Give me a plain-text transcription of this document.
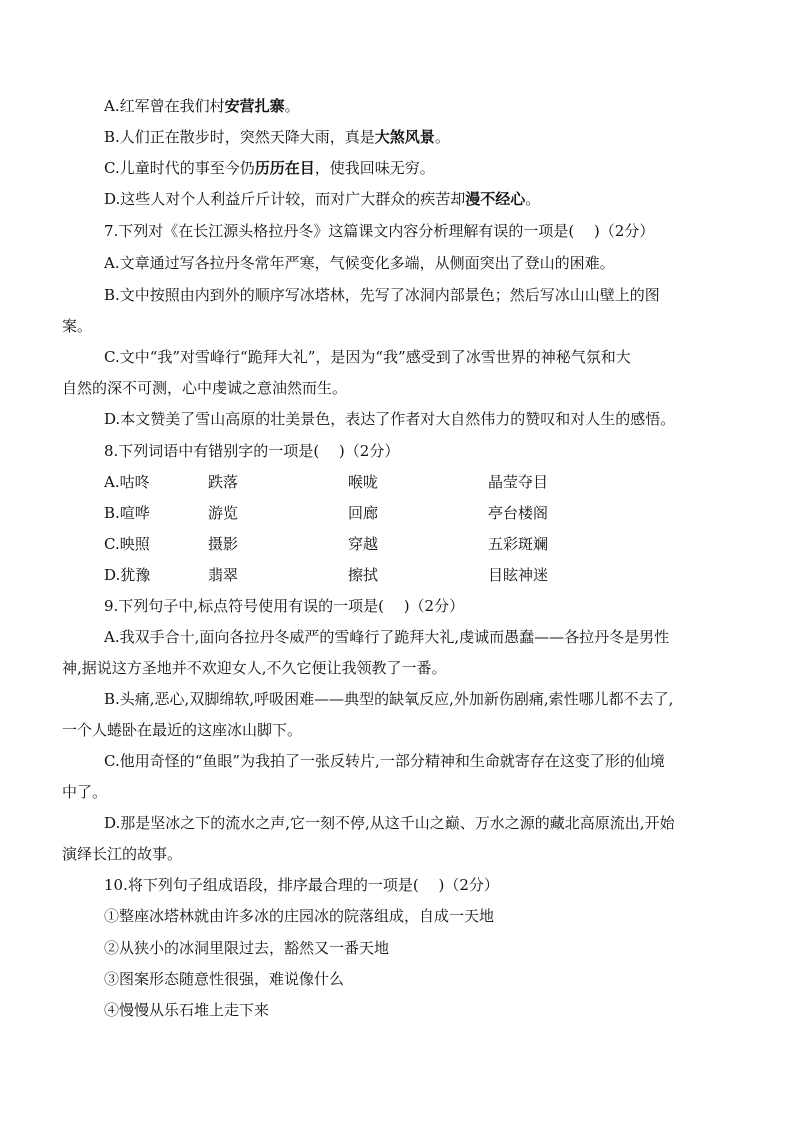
A.红军曾在我们村安营扎寨。
B.人们正在散步时，突然天降大雨，真是大煞风景。
C.儿童时代的事至今仍历历在目，使我回味无穷。
D.这些人对个人利益斤斤计较，而对广大群众的疾苦却漫不经心。
7.下列对《在长江源头格拉丹冬》这篇课文内容分析理解有误的一项是(　 )（2分）
A.文章通过写各拉丹冬常年严寒，气候变化多端，从侧面突出了登山的困难。
B.文中按照由内到外的顺序写冰塔林，先写了冰洞内部景色；然后写冰山山壁上的图
案。
C.文中“我”对雪峰行“跪拜大礼”，是因为“我”感受到了冰雪世界的神秘气氛和大
自然的深不可测，心中虔诚之意油然而生。
D.本文赞美了雪山高原的壮美景色，表达了作者对大自然伟力的赞叹和对人生的感悟。
8.下列词语中有错别字的一项是(　 )（2分）
A.咕咚	跌落	喉咙	晶莹夺目
B.喧哗	游览	回廊	亭台楼阁
C.映照	摄影	穿越	五彩斑斓
D.犹豫	翡翠	擦拭	目眩神迷
9.下列句子中,标点符号使用有误的一项是(　 )（2分）
A.我双手合十,面向各拉丹冬威严的雪峰行了跪拜大礼,虔诚而愚蠢——各拉丹冬是男性
神,据说这方圣地并不欢迎女人,不久它便让我领教了一番。
B.头痛,恶心,双脚绵软,呼吸困难——典型的缺氧反应,外加新伤剧痛,索性哪儿都不去了,
一个人蜷卧在最近的这座冰山脚下。
C.他用奇怪的“鱼眼”为我拍了一张反转片,一部分精神和生命就寄存在这变了形的仙境
中了。
D.那是坚冰之下的流水之声,它一刻不停,从这千山之巅、万水之源的藏北高原流出,开始
演绎长江的故事。
10.将下列句子组成语段，排序最合理的一项是(　 )（2分）
①整座冰塔林就由许多冰的庄园冰的院落组成，自成一天地
②从狭小的冰洞里限过去，豁然又一番天地
③图案形态随意性很强，难说像什么
④慢慢从乐石堆上走下来
